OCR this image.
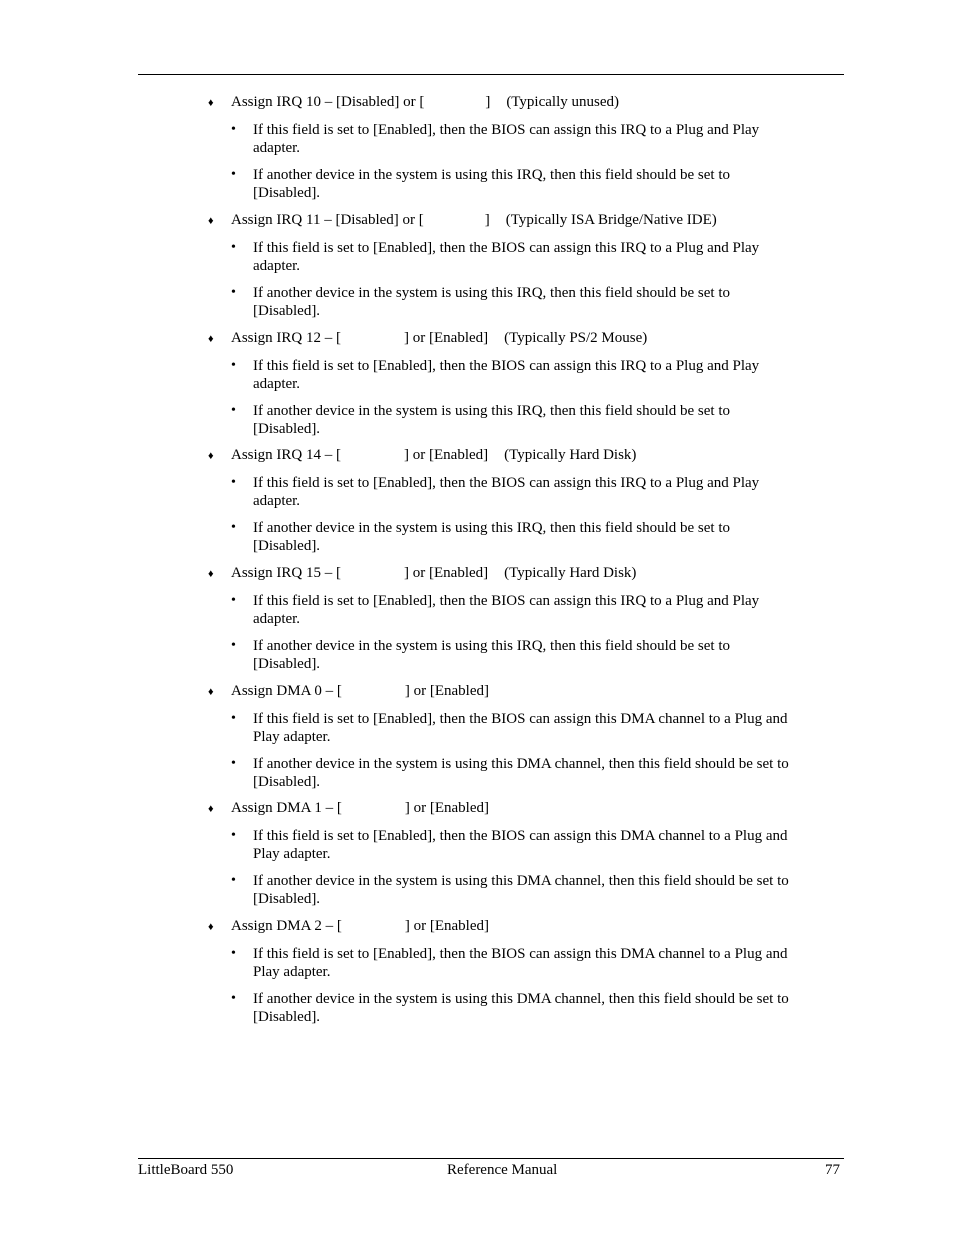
♦ Assign IRQ 10 – [Disabled] or [	] (Typically unused)
• If this field is set to [Enabled], then the BIOS can assign this IRQ to a Plug and Play
adapter.
• If another device in the system is using this IRQ, then this field should be set to
[Disabled].
♦ Assign IRQ 11 – [Disabled] or [	] (Typically ISA Bridge/Native IDE)
• If this field is set to [Enabled], then the BIOS can assign this IRQ to a Plug and Play
adapter.
• If another device in the system is using this IRQ, then this field should be set to
[Disabled].
♦ Assign IRQ 12 – [	] or [Enabled] (Typically PS/2 Mouse)
• If this field is set to [Enabled], then the BIOS can assign this IRQ to a Plug and Play
adapter.
• If another device in the system is using this IRQ, then this field should be set to
[Disabled].
♦ Assign IRQ 14 – [	] or [Enabled] (Typically Hard Disk)
• If this field is set to [Enabled], then the BIOS can assign this IRQ to a Plug and Play
adapter.
• If another device in the system is using this IRQ, then this field should be set to
[Disabled].
♦ Assign IRQ 15 – [	] or [Enabled] (Typically Hard Disk)
• If this field is set to [Enabled], then the BIOS can assign this IRQ to a Plug and Play
adapter.
• If another device in the system is using this IRQ, then this field should be set to
[Disabled].
♦ Assign DMA 0 – [	] or [Enabled]
• If this field is set to [Enabled], then the BIOS can assign this DMA channel to a Plug and
Play adapter.
• If another device in the system is using this DMA channel, then this field should be set to
[Disabled].
♦ Assign DMA 1 – [	] or [Enabled]
• If this field is set to [Enabled], then the BIOS can assign this DMA channel to a Plug and
Play adapter.
• If another device in the system is using this DMA channel, then this field should be set to
[Disabled].
♦ Assign DMA 2 – [	] or [Enabled]
• If this field is set to [Enabled], then the BIOS can assign this DMA channel to a Plug and
Play adapter.
• If another device in the system is using this DMA channel, then this field should be set to
[Disabled].
LittleBoard 550	Reference Manual	77
